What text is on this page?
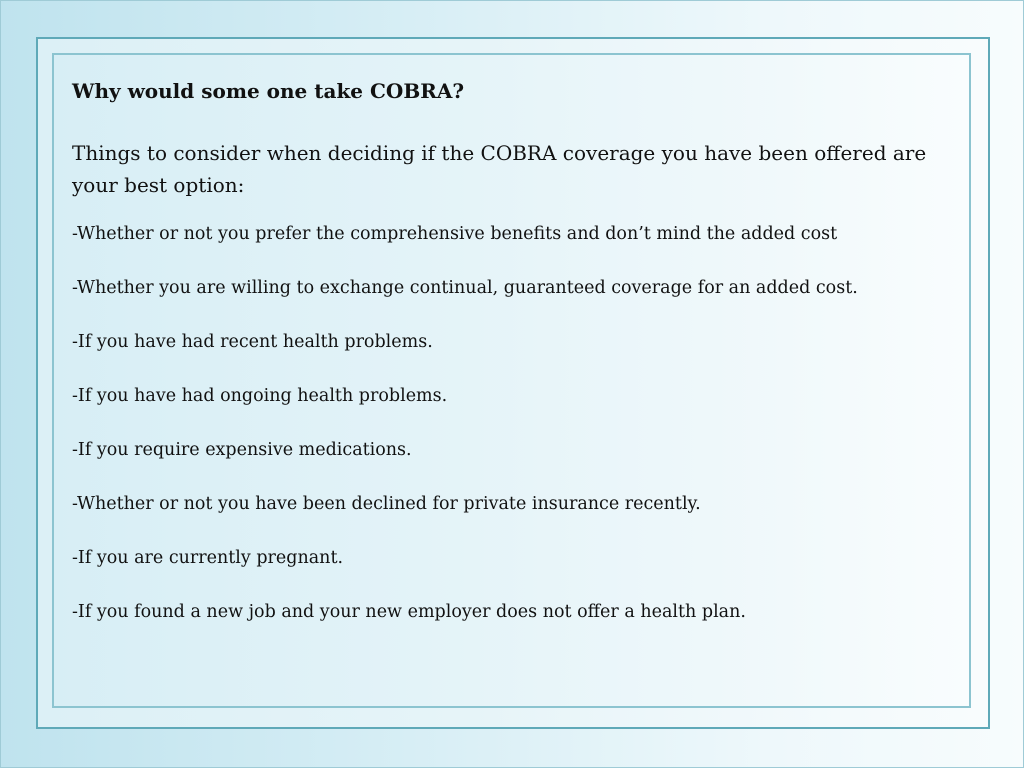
Why would some one take COBRA?

Things to consider when deciding if the COBRA coverage you have been offered are your best option:

-Whether or not you prefer the comprehensive benefits and don’t mind the added cost

-Whether you are willing to exchange continual, guaranteed coverage for an added cost.

-If you have had recent health problems.

-If you have had ongoing health problems.

-If you require expensive medications.

-Whether or not you have been declined for private insurance recently.

-If you are currently pregnant.

-If you found a new job and your new employer does not offer a health plan.
